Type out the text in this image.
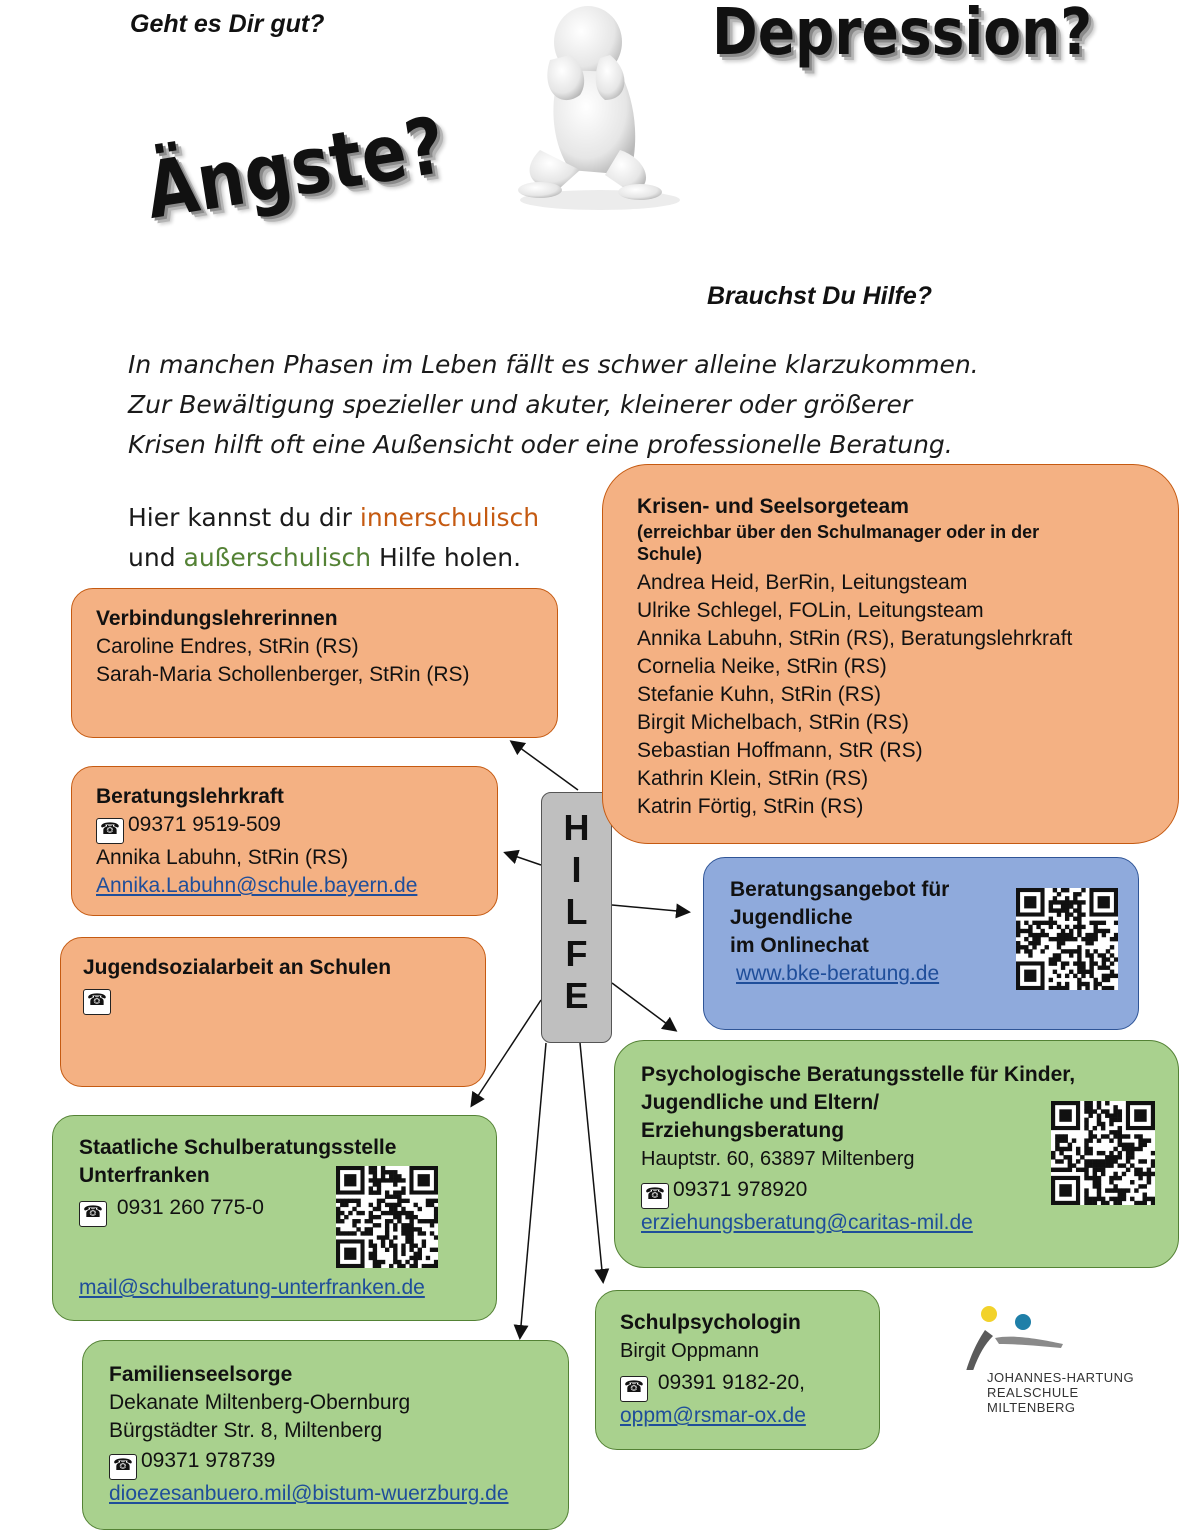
Geht es Dir gut?	Depression?
Ängste?
Brauchst Du Hilfe?
In manchen Phasen im Leben fällt es schwer alleine klarzukommen.
Zur Bewältigung spezieller und akuter, kleinerer oder größerer
Krisen hilft oft eine Außensicht oder eine professionelle Beratung.
Hier kannst du dir innerschulisch
und außerschulisch Hilfe holen.
H
I
L
F
E
Verbindungslehrerinnen
Caroline Endres, StRin (RS)
Sarah-Maria Schollenberger, StRin (RS)
Beratungslehrkraft
☎ 09371 9519-509
Annika Labuhn, StRin (RS)
Annika.Labuhn@schule.bayern.de
Jugendsozialarbeit an Schulen
☎
Staatliche Schulberatungsstelle
Unterfranken
☎ 0931 260 775-0
mail@schulberatung-unterfranken.de
Familienseelsorge
Dekanate Miltenberg-Obernburg
Bürgstädter Str. 8, Miltenberg
☎ 09371 978739
dioezesanbuero.mil@bistum-wuerzburg.de
Krisen- und Seelsorgeteam
(erreichbar über den Schulmanager oder in der
Schule)
Andrea Heid, BerRin, Leitungsteam
Ulrike Schlegel, FOLin, Leitungsteam
Annika Labuhn, StRin (RS), Beratungslehrkraft
Cornelia Neike, StRin (RS)
Stefanie Kuhn, StRin (RS)
Birgit Michelbach, StRin (RS)
Sebastian Hoffmann, StR (RS)
Kathrin Klein, StRin (RS)
Katrin Förtig, StRin (RS)
Beratungsangebot für
Jugendliche
im Onlinechat
www.bke-beratung.de
Psychologische Beratungsstelle für Kinder,
Jugendliche und Eltern/
Erziehungsberatung
Hauptstr. 60, 63897 Miltenberg
☎ 09371 978920
erziehungsberatung@caritas-mil.de
Schulpsychologin
Birgit Oppmann
☎ 09391 9182-20,
oppm@rsmar-ox.de
JOHANNES-HARTUNG
REALSCHULE
MILTENBERG
